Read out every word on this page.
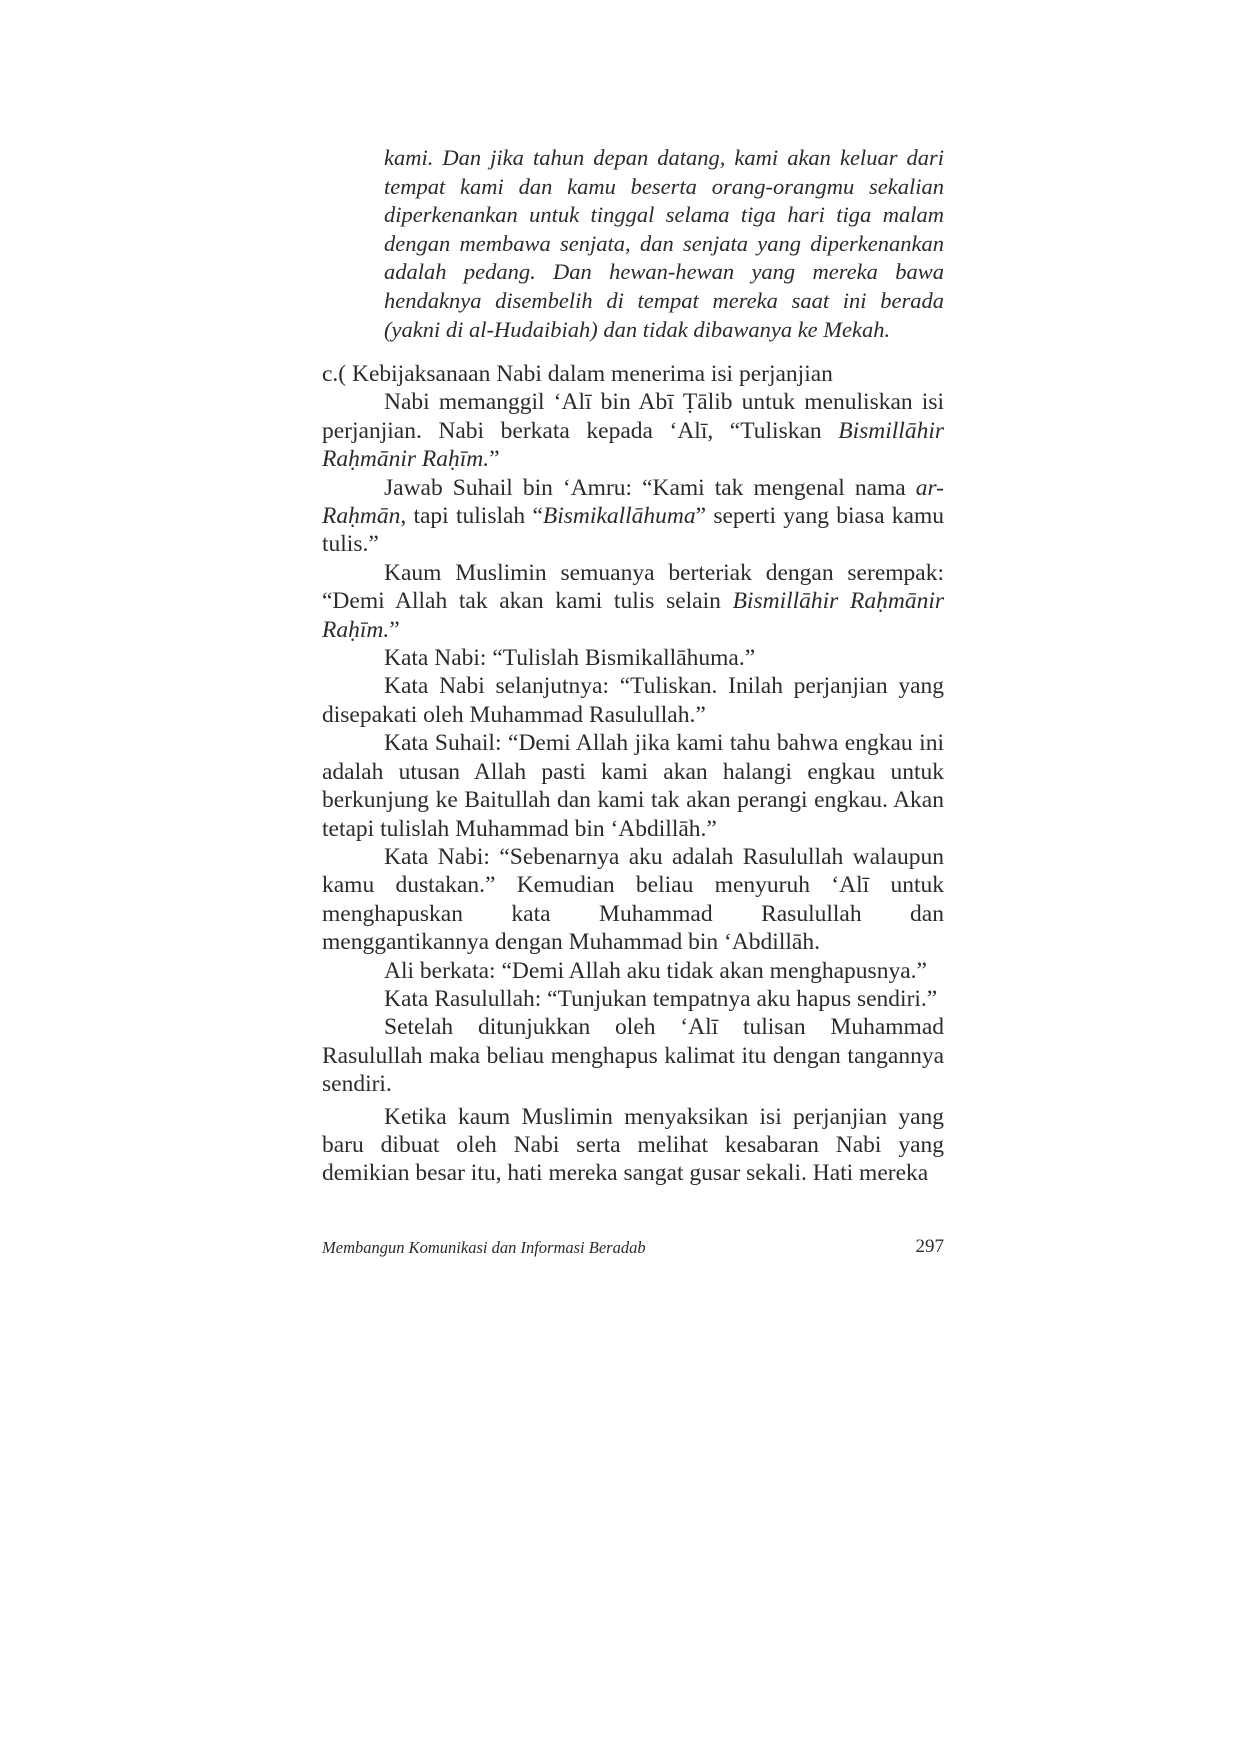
kami. Dan jika tahun depan datang, kami akan keluar dari tempat kami dan kamu beserta orang-orangmu sekalian diperkenankan untuk tinggal selama tiga hari tiga malam dengan membawa senjata, dan senjata yang diperkenankan adalah pedang. Dan hewan-hewan yang mereka bawa hendaknya disembelih di tempat mereka saat ini berada (yakni di al-Hudaibiah) dan tidak dibawanya ke Mekah.

c.( Kebijaksanaan Nabi dalam menerima isi perjanjian

Nabi memanggil ‘Alī bin Abī Ṭālib untuk menuliskan isi perjanjian. Nabi berkata kepada ‘Alī, “Tuliskan Bismillāhir Raḥmānir Raḥīm.”

Jawab Suhail bin ‘Amru: “Kami tak mengenal nama ar-Raḥmān, tapi tulislah “Bismikallāhuma” seperti yang biasa kamu tulis.”

Kaum Muslimin semuanya berteriak dengan serempak: “Demi Allah tak akan kami tulis selain Bismillāhir Raḥmānir Raḥīm.”

Kata Nabi: “Tulislah Bismikallāhuma.”

Kata Nabi selanjutnya: “Tuliskan. Inilah perjanjian yang disepakati oleh Muhammad Rasulullah.”

Kata Suhail: “Demi Allah jika kami tahu bahwa engkau ini adalah utusan Allah pasti kami akan halangi engkau untuk berkunjung ke Baitullah dan kami tak akan perangi engkau. Akan tetapi tulislah Muhammad bin ‘Abdillāh.”

Kata Nabi: “Sebenarnya aku adalah Rasulullah walaupun kamu dustakan.” Kemudian beliau menyuruh ‘Alī untuk menghapuskan kata Muhammad Rasulullah dan menggantikannya dengan Muhammad bin ‘Abdillāh.

Ali berkata: “Demi Allah aku tidak akan menghapusnya.”

Kata Rasulullah: “Tunjukan tempatnya aku hapus sendiri.”

Setelah ditunjukkan oleh ‘Alī tulisan Muhammad Rasulullah maka beliau menghapus kalimat itu dengan tangannya sendiri.

Ketika kaum Muslimin menyaksikan isi perjanjian yang baru dibuat oleh Nabi serta melihat kesabaran Nabi yang demikian besar itu, hati mereka sangat gusar sekali. Hati mereka

Membangun Komunikasi dan Informasi Beradab	297
